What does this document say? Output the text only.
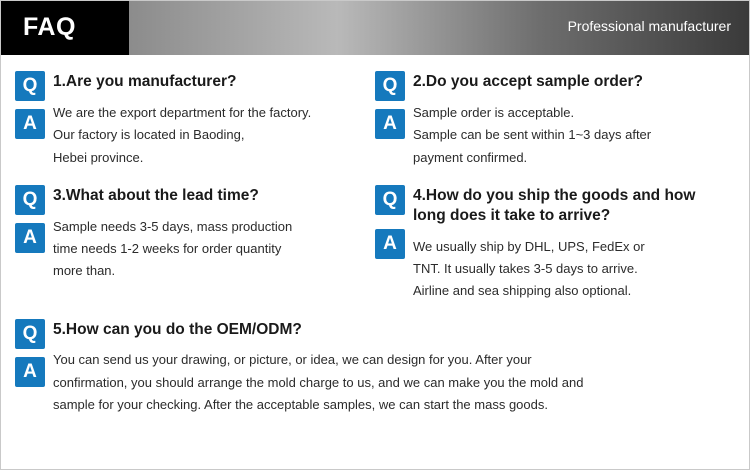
FAQ	Professional manufacturer
Q
A
1.Are you manufacturer?

We are the export department for the factory.

Our factory is located in Baoding,

Hebei province.

Q
A
2.Do you accept sample order?

Sample order is acceptable.

Sample can be sent within 1~3 days after

payment confirmed.

Q
A
3.What about the lead time?

Sample needs 3-5 days, mass production

time needs 1-2 weeks for order quantity

more than.

Q
A
4.How do you ship the goods and how long does it take to arrive?

We usually ship by DHL, UPS, FedEx or

TNT. It usually takes 3-5 days to arrive.

Airline and sea shipping also optional.

Q
A
5.How can you do the OEM/ODM?

You can send us your drawing, or picture, or idea, we can design for you. After your

confirmation, you should arrange the mold charge to us, and we can make you the mold and

sample for your checking. After the acceptable samples, we can start the mass goods.
